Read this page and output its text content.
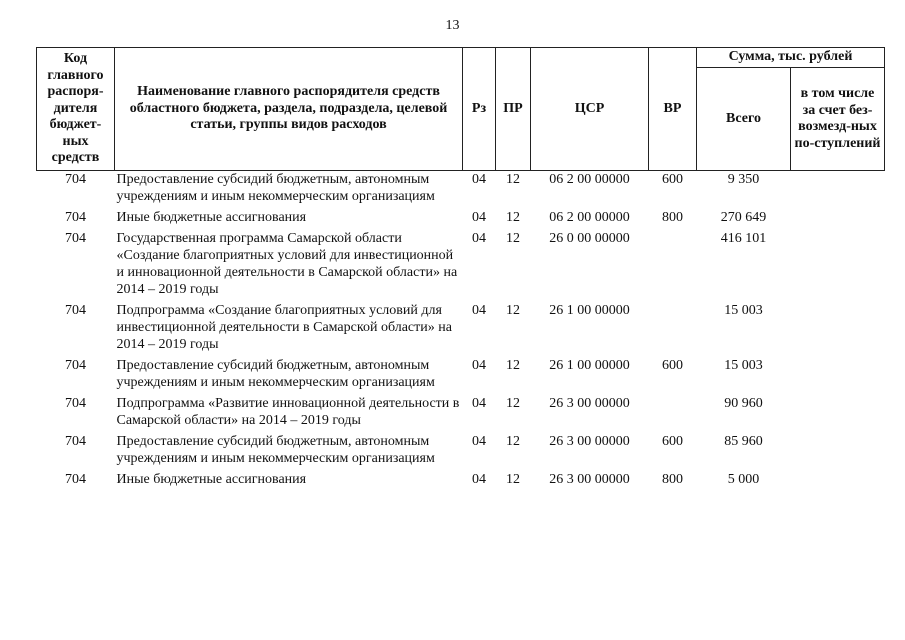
13
Код главного распоря-дителя бюджет-ных средств	Наименование главного распорядителя средств областного бюджета, раздела, подраздела, целевой статьи, группы видов расходов	Рз	ПР	ЦСР	ВР	Сумма, тыс. рублей	
						Всего	в том числе за счет без-возмезд-ных по-ступлений
704	Предоставление субсидий бюджетным, автономным учреждениям и иным некоммерческим организациям	04	12	06 2 00 00000	600	9 350	
704	Иные бюджетные ассигнования	04	12	06 2 00 00000	800	270 649	
704	Государственная программа Самарской области «Создание благоприятных условий для инвестиционной и инновационной деятельности в Самарской области» на 2014 – 2019 годы	04	12	26 0 00 00000		416 101	
704	Подпрограмма «Создание благоприятных условий для инвестиционной деятельности в Самарской области» на 2014 – 2019 годы	04	12	26 1 00 00000		15 003	
704	Предоставление субсидий бюджетным, автономным учреждениям и иным некоммерческим организациям	04	12	26 1 00 00000	600	15 003	
704	Подпрограмма «Развитие инновационной деятельности в Самарской области» на 2014 – 2019 годы	04	12	26 3 00 00000		90 960	
704	Предоставление субсидий бюджетным, автономным учреждениям и иным некоммерческим организациям	04	12	26 3 00 00000	600	85 960	
704	Иные бюджетные ассигнования	04	12	26 3 00 00000	800	5 000	
